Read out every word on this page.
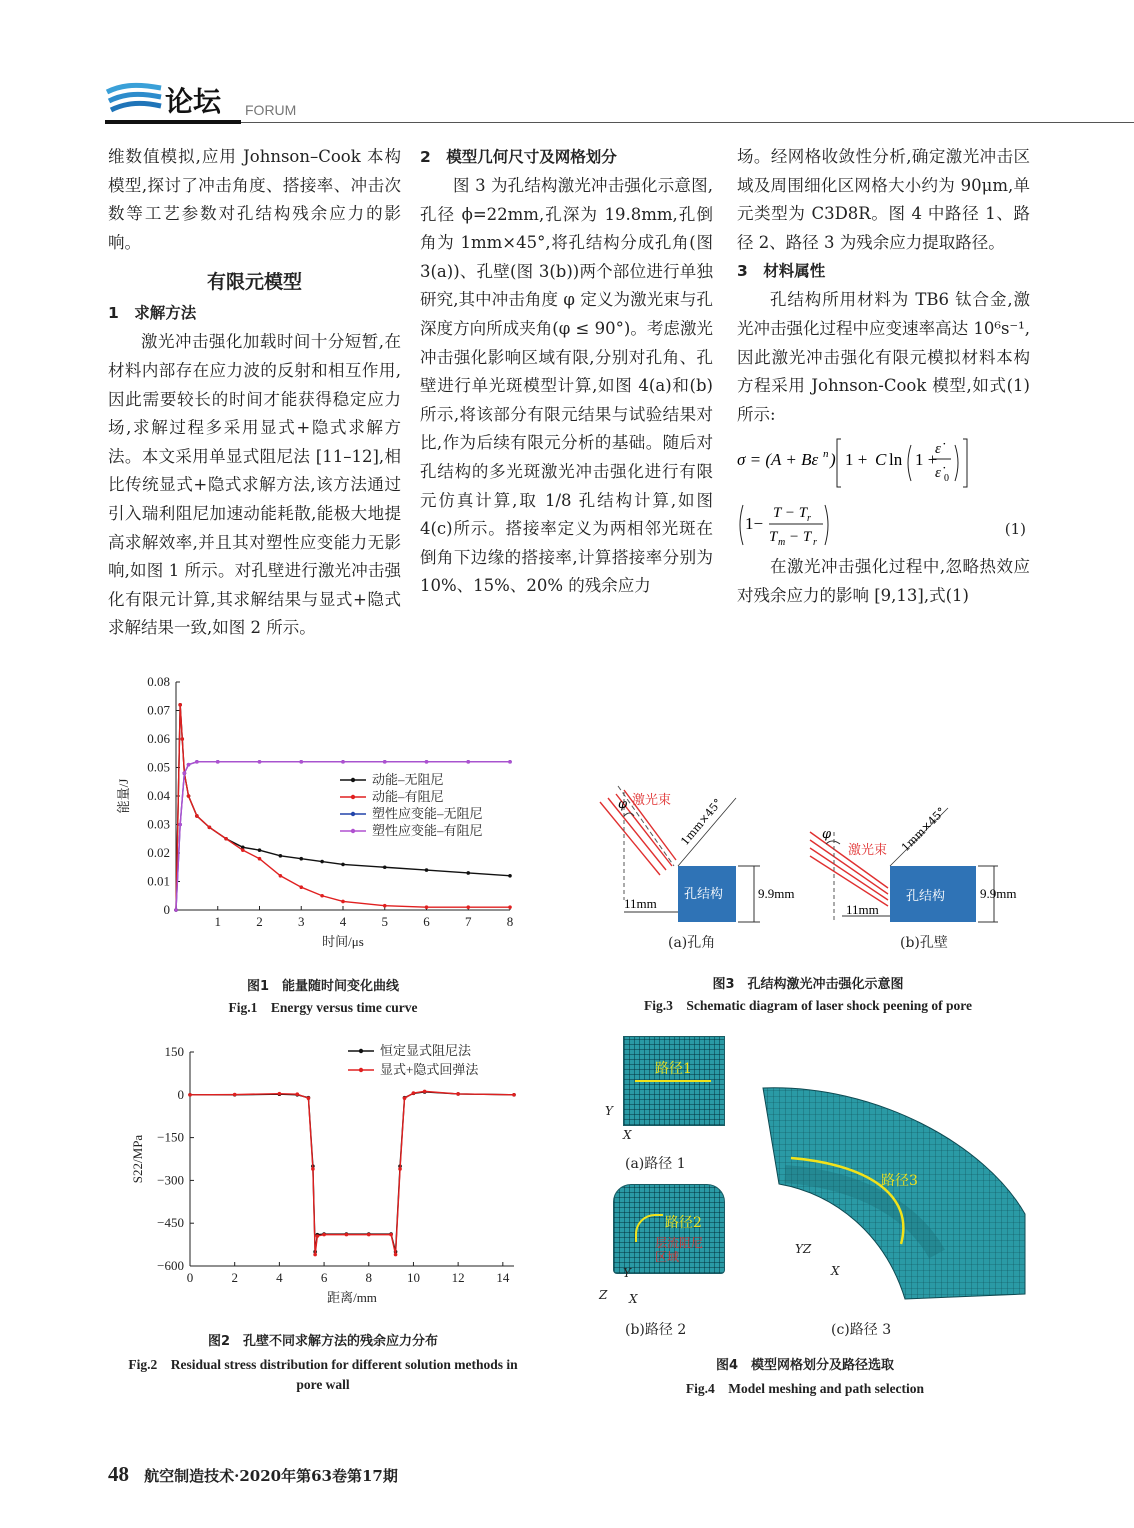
论坛 FORUM

维数值模拟,应用 Johnson–Cook 本构模型,探讨了冲击角度、搭接率、冲击次数等工艺参数对孔结构残余应力的影响。

有限元模型
1　求解方法

激光冲击强化加载时间十分短暂,在材料内部存在应力波的反射和相互作用,因此需要较长的时间才能获得稳定应力场,求解过程多采用显式+隐式求解方法。本文采用单显式阻尼法 [11–12],相比传统显式+隐式求解方法,该方法通过引入瑞利阻尼加速动能耗散,能极大地提高求解效率,并且其对塑性应变能力无影响,如图 1 所示。对孔壁进行激光冲击强化有限元计算,其求解结果与显式+隐式求解结果一致,如图 2 所示。

2　模型几何尺寸及网格划分

图 3 为孔结构激光冲击强化示意图,孔径 ϕ=22mm,孔深为 19.8mm,孔倒角为 1mm×45°,将孔结构分成孔角(图 3(a))、孔壁(图 3(b))两个部位进行单独研究,其中冲击角度 φ 定义为激光束与孔深度方向所成夹角(φ ≤ 90°)。考虑激光冲击强化影响区域有限,分别对孔角、孔壁进行单光斑模型计算,如图 4(a)和(b)所示,将该部分有限元结果与试验结果对比,作为后续有限元分析的基础。随后对孔结构的多光斑激光冲击强化进行有限元仿真计算,取 1/8 孔结构计算,如图 4(c)所示。搭接率定义为两相邻光斑在倒角下边缘的搭接率,计算搭接率分别为 10%、15%、20% 的残余应力

场。经网格收敛性分析,确定激光冲击区域及周围细化区网格大小约为 90μm,单元类型为 C3D8R。图 4 中路径 1、路径 2、路径 3 为残余应力提取路径。

3　材料属性

孔结构所用材料为 TB6 钛合金,激光冲击强化过程中应变速率高达 10⁶s⁻¹,因此激光冲击强化有限元模拟材料本构方程采用 Johnson-Cook 模型,如式(1)所示:

σ = (A + Bε n ) 1 + C ln 1 +
ε̇
ε̇ 0
1−
T − T r
T m − T r
(1)

在激光冲击强化过程中,忽略热效应对残余应力的影响 [9,13],式(1)

1	2	3	4	5	6	7	8
0
0.01
0.02
0.03
0.04
0.05
0.06
0.07
0.08
时间/μs
能量/J	动能–无阻尼
动能–有阻尼
塑性应变能–无阻尼
塑性应变能–有阻尼
图1　能量随时间变化曲线
Fig.1　Energy versus time curve
0	2	4	6	8	10 12 14
150
0
−150
−300
−450
−600
距离/mm
S22/MPa
恒定显式阻尼法
显式+隐式回弹法
图2　孔壁不同求解方法的残余应力分布
Fig.2　Residual stress distribution for different solution methods in
pore wall
φ 激光束 1mm×45°
孔结构	9.9mm
11mm
φ
激光束 1mm×45°
孔结构	9.9mm
11mm
(a)孔角	(b)孔壁
图3　孔结构激光冲击强化示意图
Fig.3　Schematic diagram of laser shock peening of pore
路径1
Y
X
(a)路径 1
路径2
层流阻尼区域
Y
Z X
(b)路径 2
路径3
YZ
X
(c)路径 3
图4　模型网格划分及路径选取
Fig.4　Model meshing and path selection
48 航空制造技术·2020年第63卷第17期
